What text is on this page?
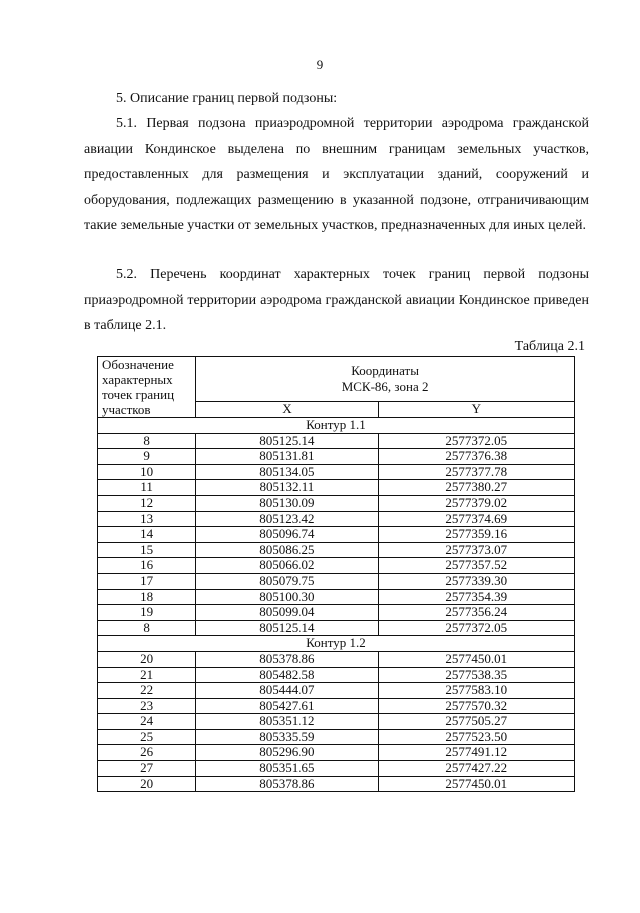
9
5. Описание границ первой подзоны:
5.1. Первая подзона приаэродромной территории аэродрома гражданской авиации Кондинское выделена по внешним границам земельных участков, предоставленных для размещения и эксплуатации зданий, сооружений и оборудования, подлежащих размещению в указанной подзоне, отграничивающим такие земельные участки от земельных участков, предназначенных для иных целей.
5.2. Перечень координат характерных точек границ первой подзоны приаэродромной территории аэродрома гражданской авиации Кондинское приведен в таблице 2.1.
Таблица 2.1
Обозначение характерных точек границ участков	Координаты
МСК-86, зона 2	

	X	Y
Контур 1.1		
8	805125.14	2577372.05
9	805131.81	2577376.38
10	805134.05	2577377.78
11	805132.11	2577380.27
12	805130.09	2577379.02
13	805123.42	2577374.69
14	805096.74	2577359.16
15	805086.25	2577373.07
16	805066.02	2577357.52
17	805079.75	2577339.30
18	805100.30	2577354.39
19	805099.04	2577356.24
8	805125.14	2577372.05
Контур 1.2		
20	805378.86	2577450.01
21	805482.58	2577538.35
22	805444.07	2577583.10
23	805427.61	2577570.32
24	805351.12	2577505.27
25	805335.59	2577523.50
26	805296.90	2577491.12
27	805351.65	2577427.22
20	805378.86	2577450.01
